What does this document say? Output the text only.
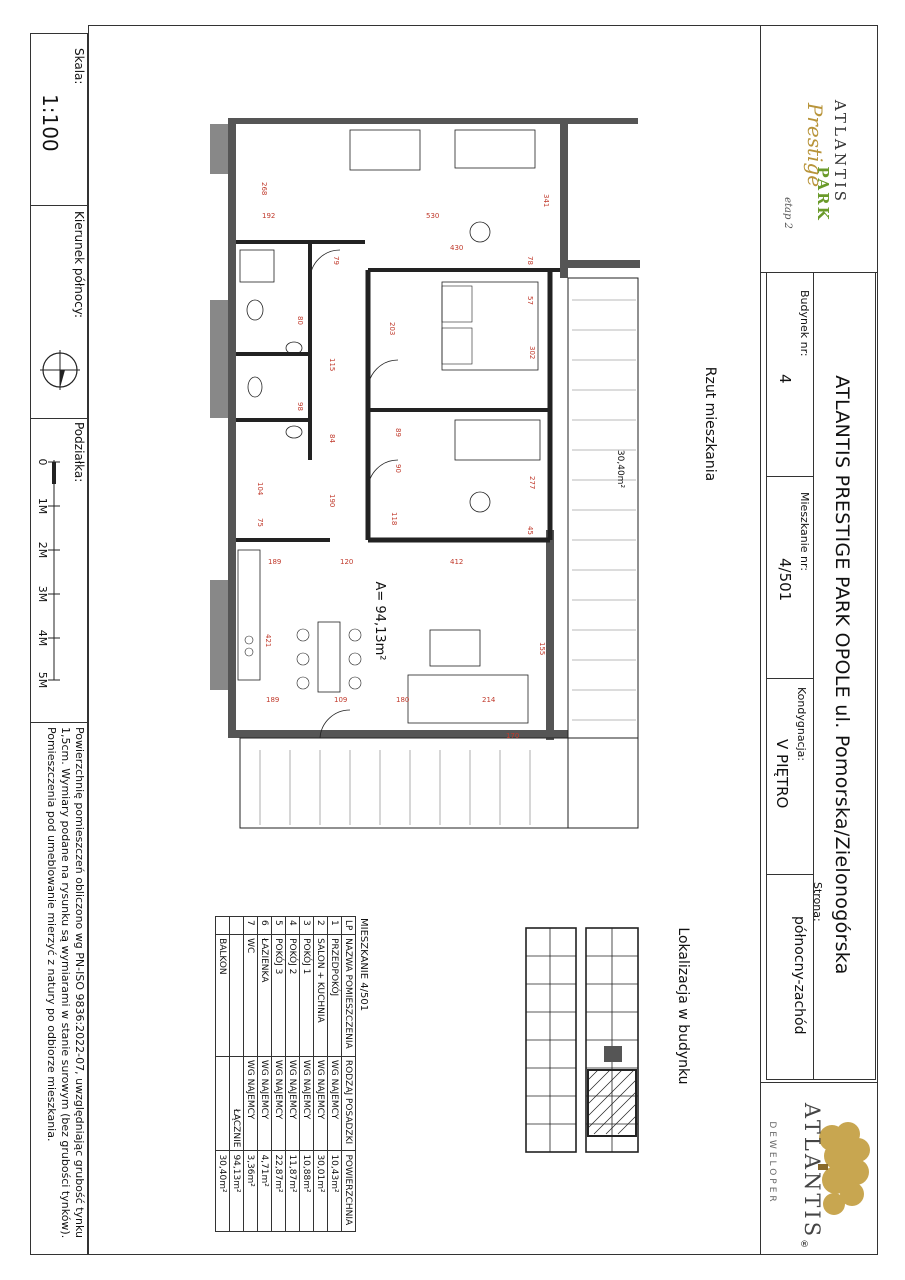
Skala:
1:100
Kierunek północy:
Podziałka:
0
1M
2M
3M
4M
5M
Powierzchnię pomieszczeń obliczono wg PN-ISO 9836:2022-07, uwzględniając grubość tynku 1,5cm. Wymiary podane na rysunku są wymiarami w stanie surowym (bez grubości tynków). Pomieszczenia pod umeblowanie mierzyć z natury po odbiorze mieszkania.
ATLANTIS
Prestige
PARK
etap 2
ATLANTIS PRESTIGE PARK OPOLE ul. Pomorska/Zielonogórska
Budynek nr:
4
Mieszkanie nr:
4/501
Kondygnacja:
V PIĘTRO
Strona:
północny-zachód
ATLANTIS
DEWELOPER
®
Rzut mieszkania
268
192	530
430
341
79	78
203
302
115
84
190
277
104
75	118
189	120	412
421
189	109	180	214
170
57
45
80
90
89
98
155
A= 94,13m²
30,40m²
Lokalizacja w budynku
MIESZKANIE 4/501
LP	NAZWA POMIESZCZENIA	RODZAJ POSADZKI	POWIERZCHNIA
1	PRZEDPOKÓJ	WG NAJEMCY	10,43m²
2	SALON + KUCHNIA	WG NAJEMCY	30,01m²
3	POKÓJ 1	WG NAJEMCY	10,88m²
4	POKÓJ 2	WG NAJEMCY	11,87m²
5	POKÓJ 3	WG NAJEMCY	22,87m²
6	ŁAZIENKA	WG NAJEMCY	4,71m²
7	WC	WG NAJEMCY	3,36m²
		ŁĄCZNIE	94,13m²
	BALKON		30,40m²
